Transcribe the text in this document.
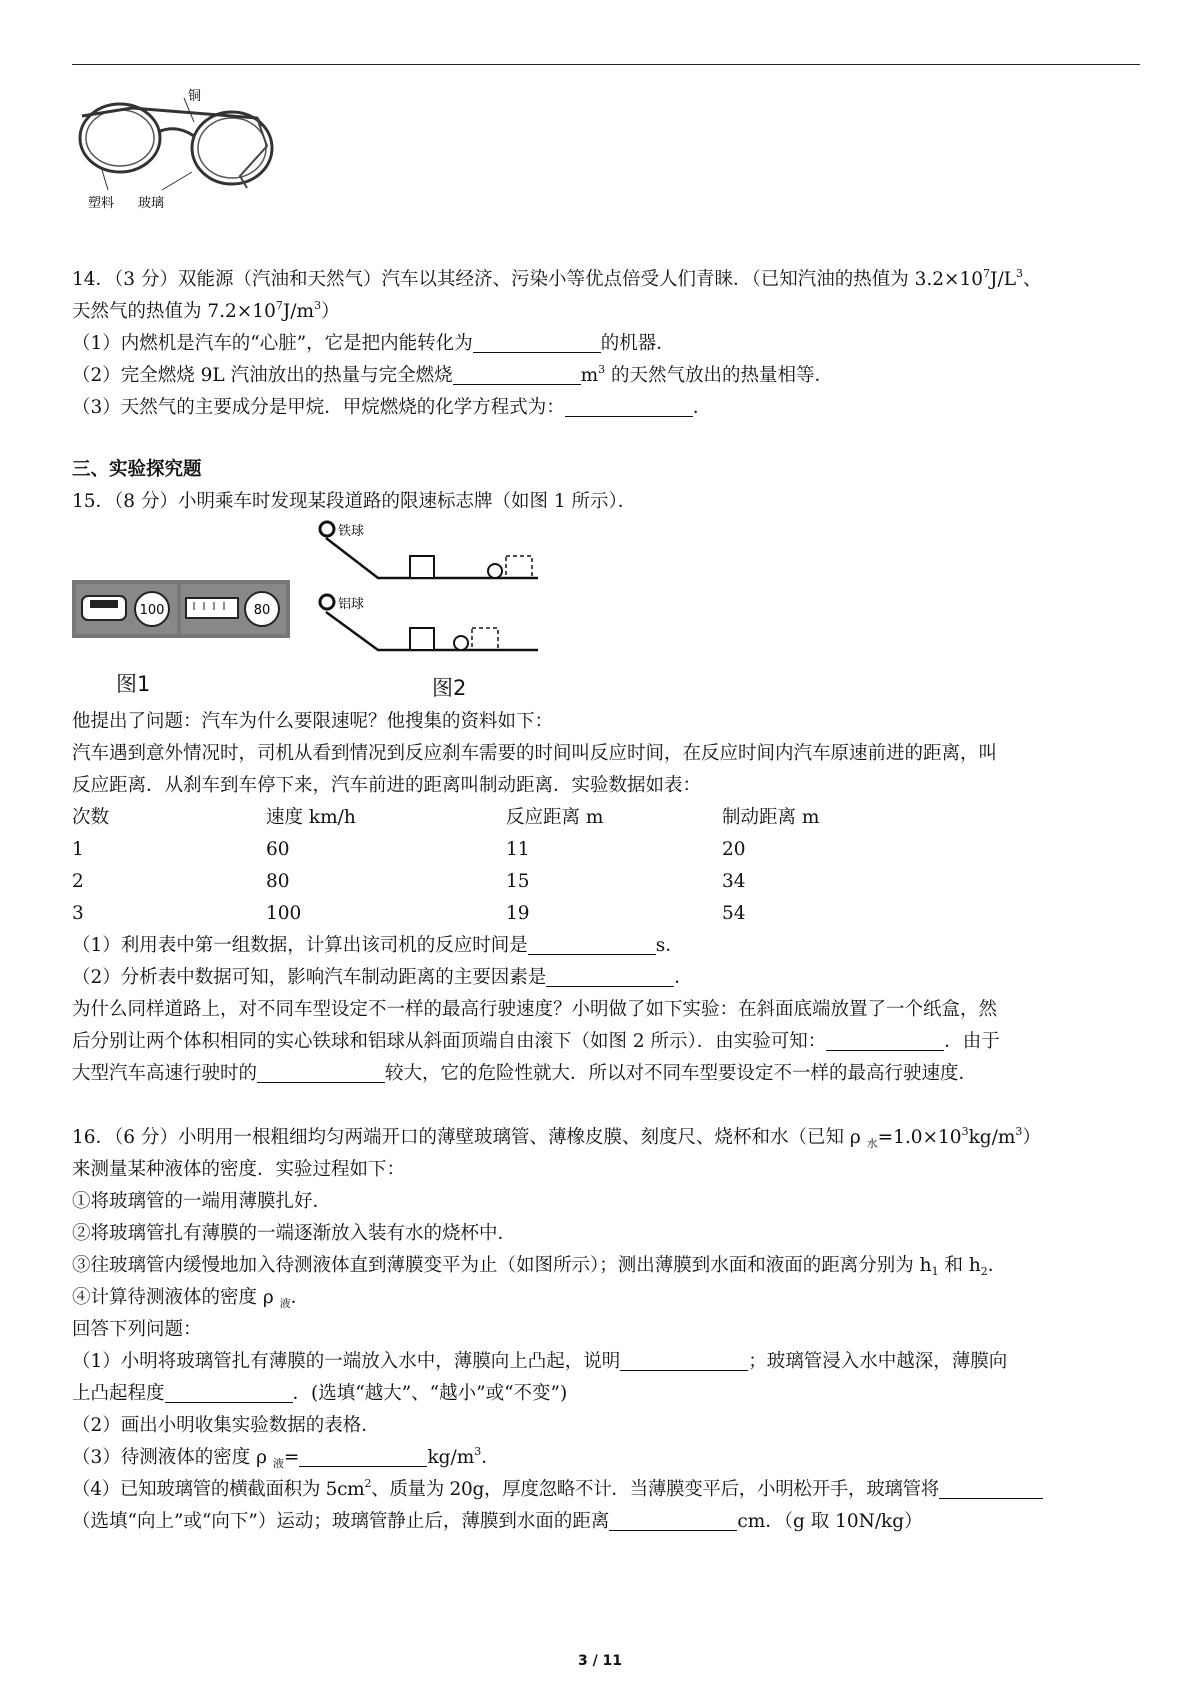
铜
塑料 玻璃
14．（3 分）双能源（汽油和天然气）汽车以其经济、污染小等优点倍受人们青睐．（已知汽油的热值为 $3.2\times 10^7J/L^3$、
天然气的热值为 $7.2\times 10^7J/m^3$）
（1）内燃机是汽车的“心脏”，它是把内能转化为	的机器．
（2）完全燃烧 9L 汽油放出的热量与完全燃烧	$m^3$ 的天然气放出的热量相等．
（3）天然气的主要成分是甲烷．甲烷燃烧的化学方程式为：	．
三、实验探究题
15．（8 分）小明乘车时发现某段道路的限速标志牌（如图 1 所示）．
100	80
图1
铁球
铝球
图2
他提出了问题：汽车为什么要限速呢？他搜集的资料如下：
汽车遇到意外情况时，司机从看到情况到反应刹车需要的时间叫反应时间，在反应时间内汽车原速前进的距离，叫
反应距离．从刹车到车停下来，汽车前进的距离叫制动距离．实验数据如表：
次数	速度 km/h	反应距离 m	制动距离 m
1	60	11	20
2	80	15	34
3	100	19	54
（1）利用表中第一组数据，计算出该司机的反应时间是	s．
（2）分析表中数据可知，影响汽车制动距离的主要因素是	．
为什么同样道路上，对不同车型设定不一样的最高行驶速度？小明做了如下实验：在斜面底端放置了一个纸盒，然
后分别让两个体积相同的实心铁球和铝球从斜面顶端自由滚下（如图 2 所示）．由实验可知：	．由于
大型汽车高速行驶时的	较大，它的危险性就大．所以对不同车型要设定不一样的最高行驶速度．
16．（6 分）小明用一根粗细均匀两端开口的薄壁玻璃管、薄橡皮膜、刻度尺、烧杯和水（已知 ρ $_水=1.0\times 10^3kg/m^3$）
来测量某种液体的密度．实验过程如下：
①将玻璃管的一端用薄膜扎好．
②将玻璃管扎有薄膜的一端逐渐放入装有水的烧杯中．
③往玻璃管内缓慢地加入待测液体直到薄膜变平为止（如图所示）；测出薄膜到水面和液面的距离分别为 $h_1$ 和 $h_2$．
④计算待测液体的密度 ρ $_液$．
回答下列问题：
（1）小明将玻璃管扎有薄膜的一端放入水中，薄膜向上凸起，说明	；玻璃管浸入水中越深，薄膜向
上凸起程度	．(选填“越大”、“越小”或“不变”)
（2）画出小明收集实验数据的表格．
（3）待测液体的密度 ρ $_液$=	$kg/m^3$．
（4）已知玻璃管的横截面积为 $5cm^2$、质量为 20g，厚度忽略不计．当薄膜变平后，小明松开手，玻璃管将
（选填“向上”或“向下”）运动；玻璃管静止后，薄膜到水面的距离	cm．（g 取 10N/kg）
3 / 11
